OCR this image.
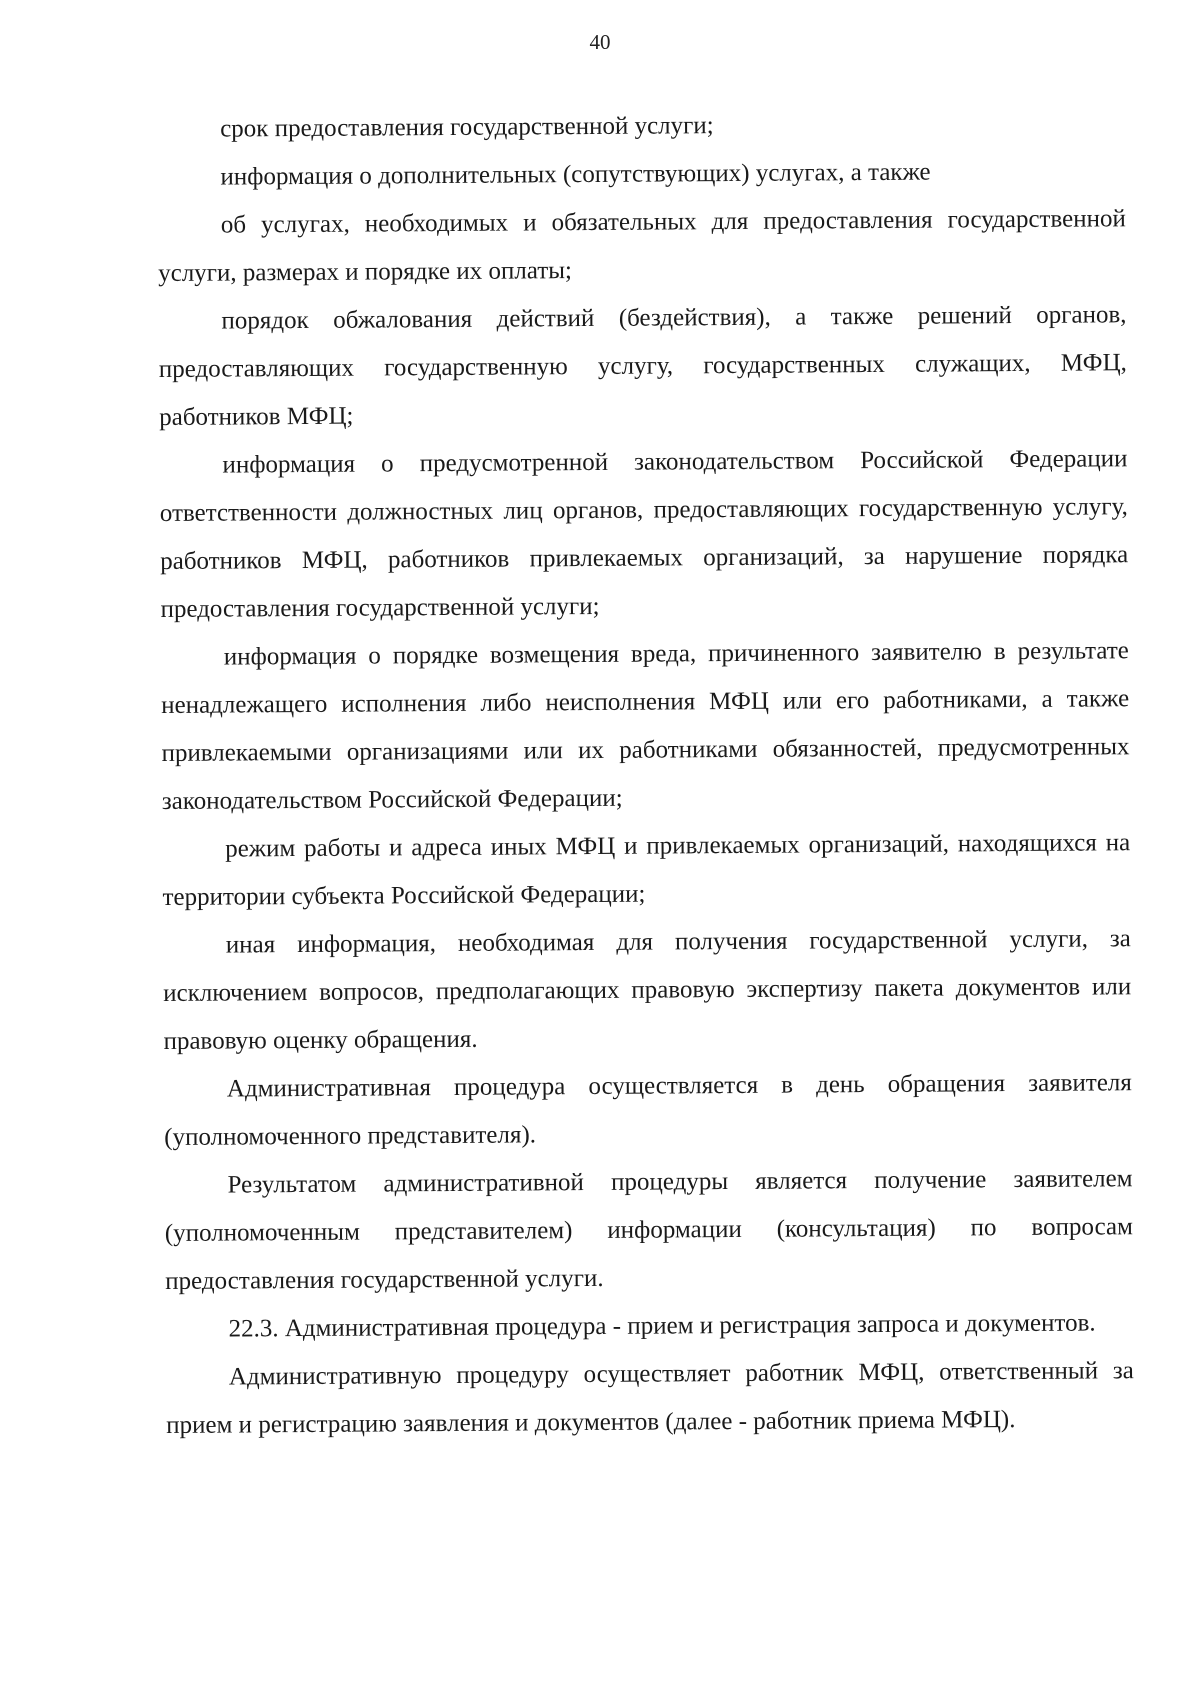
40

срок предоставления государственной услуги;

информация о дополнительных (сопутствующих) услугах, а также

об услугах, необходимых и обязательных для предоставления государственной услуги, размерах и порядке их оплаты;

порядок обжалования действий (бездействия), а также решений органов, предоставляющих государственную услугу, государственных служащих, МФЦ, работников МФЦ;

информация о предусмотренной законодательством Российской Федерации ответственности должностных лиц органов, предоставляющих государственную услугу, работников МФЦ, работников привлекаемых организаций, за нарушение порядка предоставления государственной услуги;

информация о порядке возмещения вреда, причиненного заявителю в результате ненадлежащего исполнения либо неисполнения МФЦ или его работниками, а также привлекаемыми организациями или их работниками обязанностей, предусмотренных законодательством Российской Федерации;

режим работы и адреса иных МФЦ и привлекаемых организаций, находящихся на территории субъекта Российской Федерации;

иная информация, необходимая для получения государственной услуги, за исключением вопросов, предполагающих правовую экспертизу пакета документов или правовую оценку обращения.

Административная процедура осуществляется в день обращения заявителя (уполномоченного представителя).

Результатом административной процедуры является получение заявителем (уполномоченным представителем) информации (консультация) по вопросам предоставления государственной услуги.

22.3. Административная процедура - прием и регистрация запроса и документов.

Административную процедуру осуществляет работник МФЦ, ответственный за прием и регистрацию заявления и документов (далее - работник приема МФЦ).
